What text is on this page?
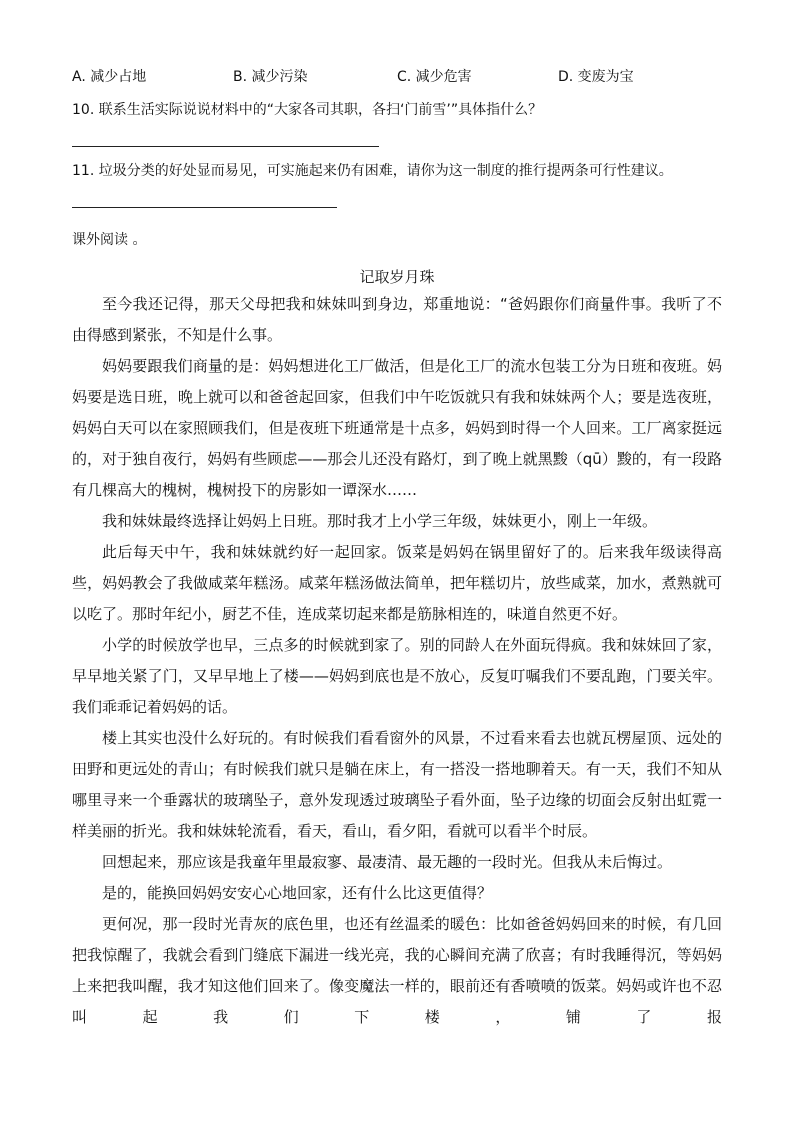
A. 减少占地	B. 减少污染	C. 减少危害	D. 变废为宝
10. 联系生活实际说说材料中的“大家各司其职，各扫‘门前雪’”具体指什么？
11. 垃圾分类的好处显而易见，可实施起来仍有困难，请你为这一制度的推行提两条可行性建议。
课外阅读 。
记取岁月珠

至今我还记得，那天父母把我和妹妹叫到身边，郑重地说：“爸妈跟你们商量件事。我听了不由得感到紧张，不知是什么事。

妈妈要跟我们商量的是：妈妈想进化工厂做活，但是化工厂的流水包装工分为日班和夜班。妈妈要是选日班，晚上就可以和爸爸起回家，但我们中午吃饭就只有我和妹妹两个人；要是选夜班，妈妈白天可以在家照顾我们，但是夜班下班通常是十点多，妈妈到时得一个人回来。工厂离家挺远的，对于独自夜行，妈妈有些顾虑——那会儿还没有路灯，到了晚上就黑黢（qū）黢的，有一段路有几棵高大的槐树，槐树投下的房影如一谭深水……

我和妹妹最终选择让妈妈上日班。那时我才上小学三年级，妹妹更小，刚上一年级。

此后每天中午，我和妹妹就约好一起回家。饭菜是妈妈在锅里留好了的。后来我年级读得高些，妈妈教会了我做咸菜年糕汤。咸菜年糕汤做法简单，把年糕切片，放些咸菜，加水，煮熟就可以吃了。那时年纪小，厨艺不佳，连成菜切起来都是筋脉相连的，味道自然更不好。

小学的时候放学也早，三点多的时候就到家了。别的同龄人在外面玩得疯。我和妹妹回了家，早早地关紧了门，又早早地上了楼——妈妈到底也是不放心，反复叮嘱我们不要乱跑，门要关牢。我们乖乖记着妈妈的话。

楼上其实也没什么好玩的。有时候我们看看窗外的风景，不过看来看去也就瓦楞屋顶、远处的田野和更远处的青山；有时候我们就只是躺在床上，有一搭没一搭地聊着天。有一天，我们不知从哪里寻来一个垂露状的玻璃坠子，意外发现透过玻璃坠子看外面，坠子边缘的切面会反射出虹霓一样美丽的折光。我和妹妹轮流看，看天，看山，看夕阳，看就可以看半个时辰。

回想起来，那应该是我童年里最寂寥、最凄清、最无趣的一段时光。但我从未后悔过。

是的，能换回妈妈安安心心地回家，还有什么比这更值得？

更何况，那一段时光青灰的底色里，也还有丝温柔的暖色：比如爸爸妈妈回来的时候，有几回把我惊醒了，我就会看到门缝底下漏进一线光亮，我的心瞬间充满了欣喜；有时我睡得沉，等妈妈上来把我叫醒，我才知这他们回来了。像变魔法一样的，眼前还有香喷喷的饭菜。妈妈或许也不忍叫起我们下楼，铺了报
